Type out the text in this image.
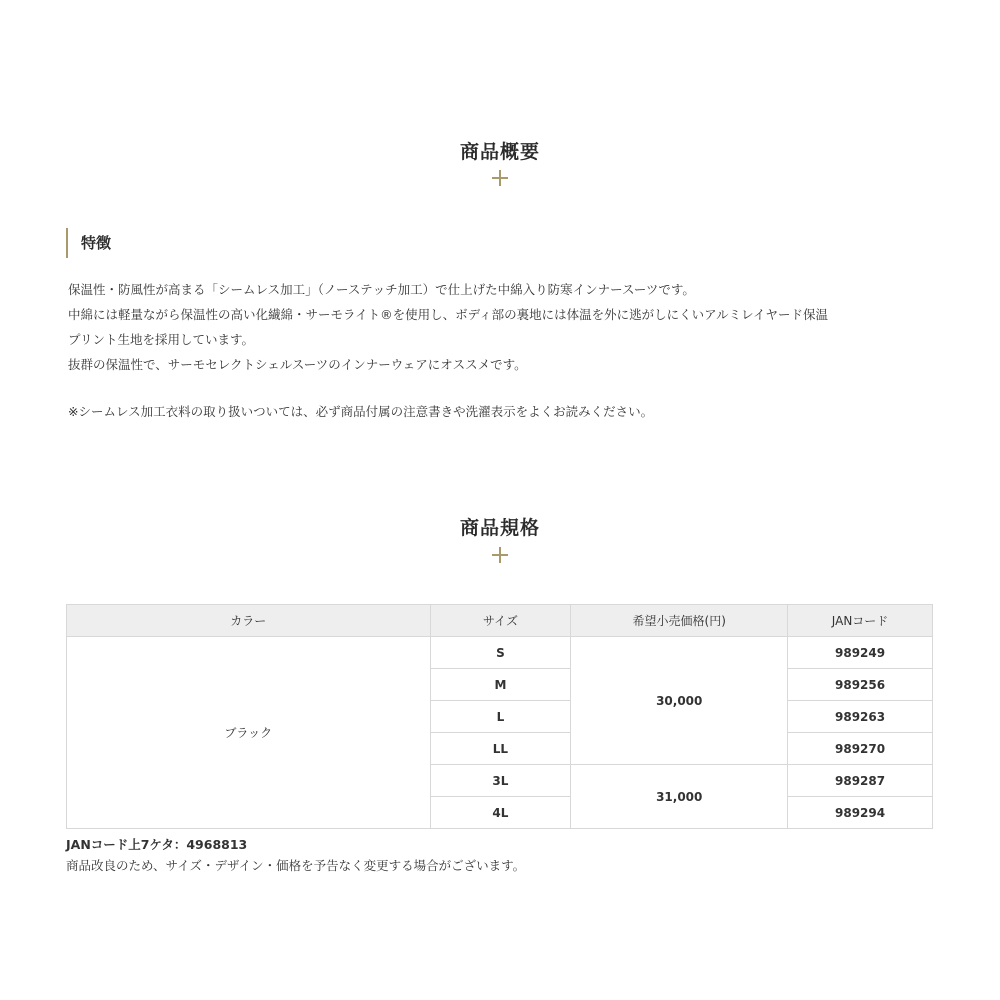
商品概要
特徴
保温性・防風性が高まる「シームレス加工」（ノーステッチ加工）で仕上げた中綿入り防寒インナースーツです。
中綿には軽量ながら保温性の高い化繊綿・サーモライト®を使用し、ボディ部の裏地には体温を外に逃がしにくいアルミレイヤード保温
プリント生地を採用しています。
抜群の保温性で、サーモセレクトシェルスーツのインナーウェアにオススメです。
※シームレス加工衣料の取り扱いついては、必ず商品付属の注意書きや洗濯表示をよくお読みください。
商品規格
カラー	サイズ	希望小売価格(円)	JANコード
ブラック	S	30,000	989249
	M		989256
	L		989263
	LL		989270
	3L	31,000	989287
	4L		989294
JANコード上7ケタ：4968813
商品改良のため、サイズ・デザイン・価格を予告なく変更する場合がございます。
